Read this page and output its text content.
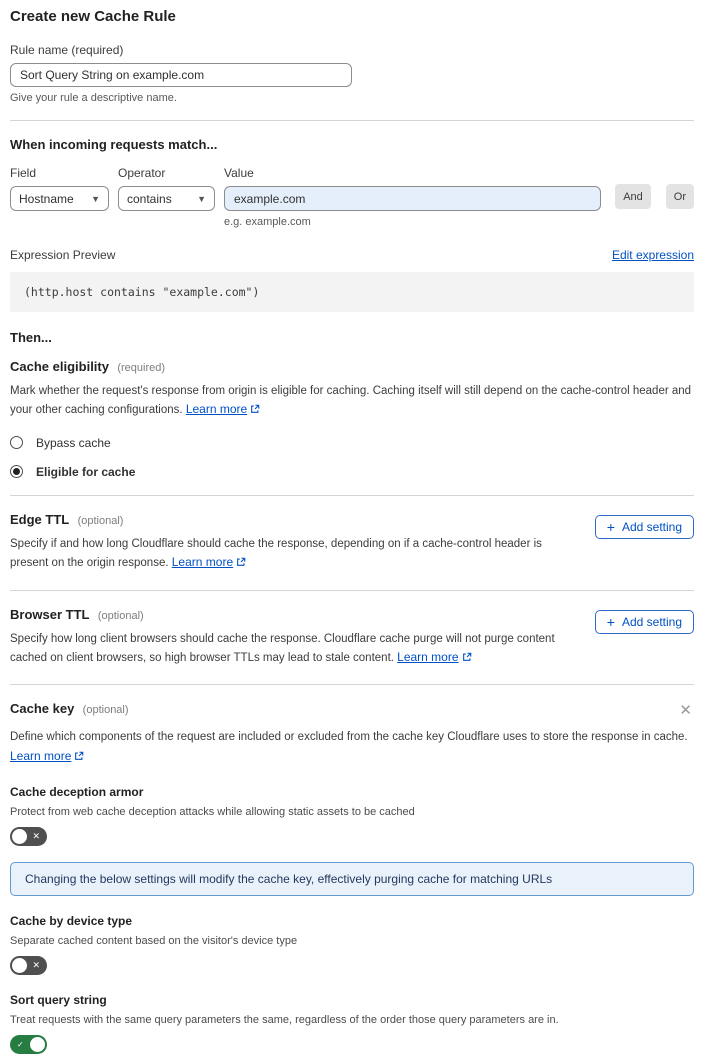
Create new Cache Rule
Rule name (required)
Sort Query String on example.com
Give your rule a descriptive name.
When incoming requests match...
Field
Hostname ▼
Operator
contains	▼
Value
example.com
e.g. example.com
And	Or
Expression Preview	Edit expression
(http.host contains "example.com")
Then...
Cache eligibility (required)
Mark whether the request's response from origin is eligible for caching. Caching itself will still depend on the cache-control header and your other caching configurations. Learn more
Bypass cache
Eligible for cache
Edge TTL (optional)
Specify if and how long Cloudflare should cache the response, depending on if a cache-control header is present on the origin response. Learn more
+ Add setting
Browser TTL (optional)
Specify how long client browsers should cache the response. Cloudflare cache purge will not purge content cached on client browsers, so high browser TTLs may lead to stale content. Learn more
+ Add setting
Cache key (optional)	✕
Define which components of the request are included or excluded from the cache key Cloudflare uses to store the response in cache.
Learn more
Cache deception armor
Protect from web cache deception attacks while allowing static assets to be cached
✕
Changing the below settings will modify the cache key, effectively purging cache for matching URLs
Cache by device type
Separate cached content based on the visitor's device type
✕
Sort query string
Treat requests with the same query parameters the same, regardless of the order those query parameters are in.
✓
